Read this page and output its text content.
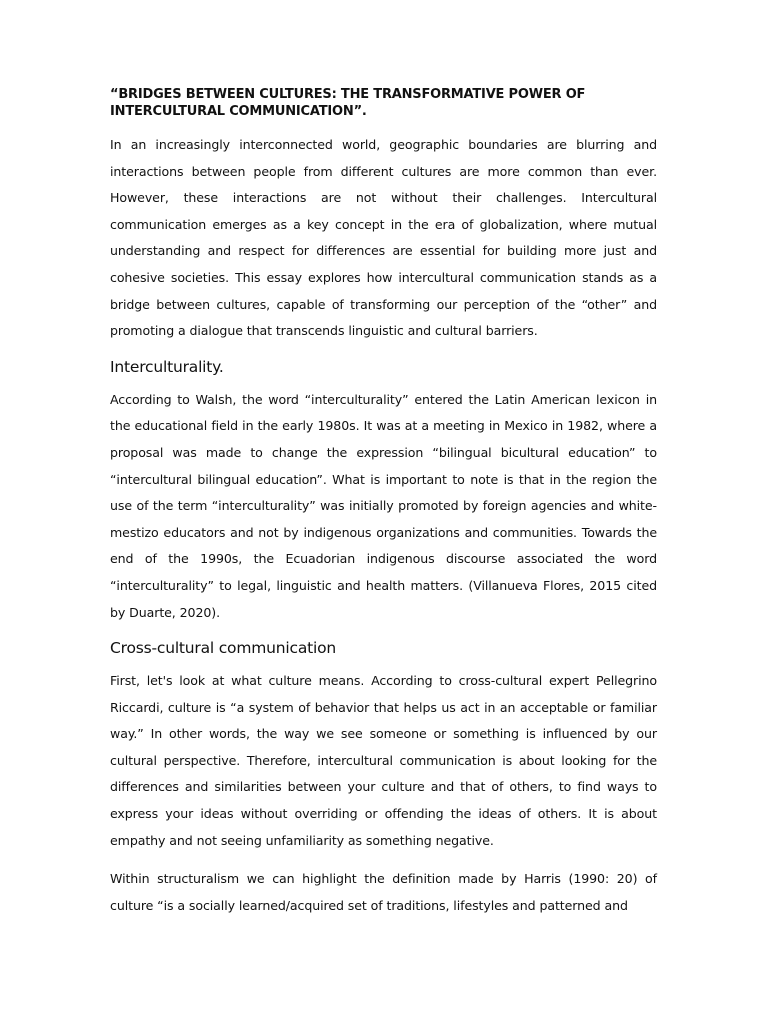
“BRIDGES BETWEEN CULTURES: THE TRANSFORMATIVE POWER OF INTERCULTURAL COMMUNICATION”.

In an increasingly interconnected world, geographic boundaries are blurring and interactions between people from different cultures are more common than ever. However, these interactions are not without their challenges. Intercultural communication emerges as a key concept in the era of globalization, where mutual understanding and respect for differences are essential for building more just and cohesive societies. This essay explores how intercultural communication stands as a bridge between cultures, capable of transforming our perception of the “other” and promoting a dialogue that transcends linguistic and cultural barriers.

Interculturality.

According to Walsh, the word “interculturality” entered the Latin American lexicon in the educational field in the early 1980s. It was at a meeting in Mexico in 1982, where a proposal was made to change the expression “bilingual bicultural education” to “intercultural bilingual education”. What is important to note is that in the region the use of the term “interculturality” was initially promoted by foreign agencies and white-mestizo educators and not by indigenous organizations and communities. Towards the end of the 1990s, the Ecuadorian indigenous discourse associated the word “interculturality” to legal, linguistic and health matters. (Villanueva Flores, 2015 cited by Duarte, 2020).

Cross-cultural communication

First, let's look at what culture means. According to cross-cultural expert Pellegrino Riccardi, culture is “a system of behavior that helps us act in an acceptable or familiar way.” In other words, the way we see someone or something is influenced by our cultural perspective. Therefore, intercultural communication is about looking for the differences and similarities between your culture and that of others, to find ways to express your ideas without overriding or offending the ideas of others. It is about empathy and not seeing unfamiliarity as something negative.

Within structuralism we can highlight the definition made by Harris (1990: 20) of culture “is a socially learned/acquired set of traditions, lifestyles and patterned and
